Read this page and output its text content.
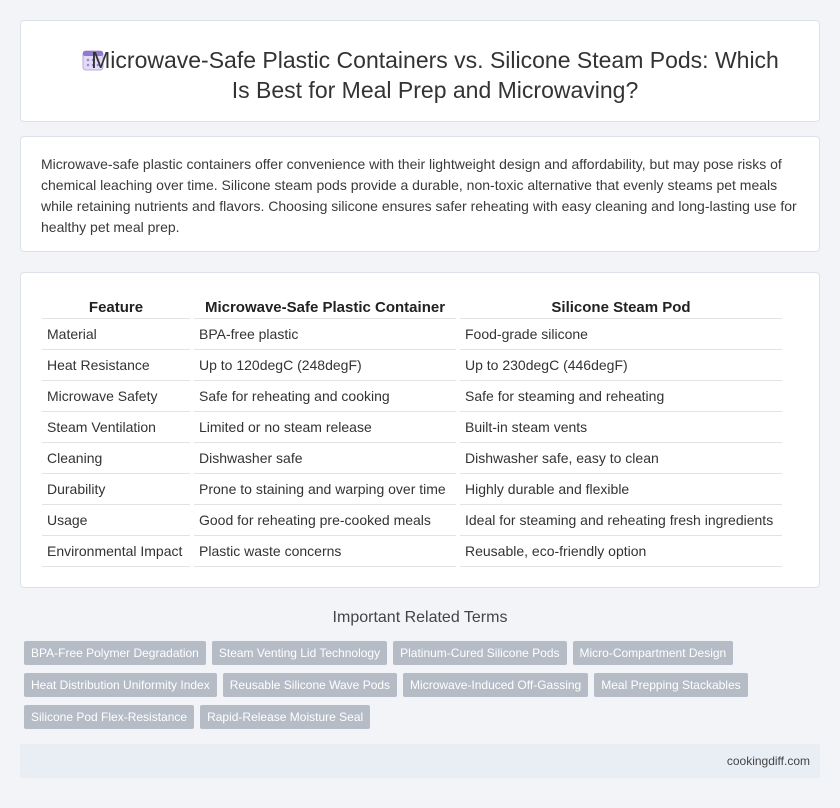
Microwave-Safe Plastic Containers vs. Silicone Steam Pods: Which Is Best for Meal Prep and Microwaving?

Microwave-safe plastic containers offer convenience with their lightweight design and affordability, but may pose risks of chemical leaching over time. Silicone steam pods provide a durable, non-toxic alternative that evenly steams pet meals while retaining nutrients and flavors. Choosing silicone ensures safer reheating with easy cleaning and long-lasting use for healthy pet meal prep.

Feature	Microwave-Safe Plastic Container	Silicone Steam Pod
Material	BPA-free plastic	Food-grade silicone
Heat Resistance	Up to 120degC (248degF)	Up to 230degC (446degF)
Microwave Safety	Safe for reheating and cooking	Safe for steaming and reheating
Steam Ventilation	Limited or no steam release	Built-in steam vents
Cleaning	Dishwasher safe	Dishwasher safe, easy to clean
Durability	Prone to staining and warping over time	Highly durable and flexible
Usage	Good for reheating pre-cooked meals	Ideal for steaming and reheating fresh ingredients
Environmental Impact	Plastic waste concerns	Reusable, eco-friendly option
Important Related Terms
BPA-Free Polymer Degradation Steam Venting Lid Technology Platinum-Cured Silicone Pods Micro-Compartment Design
Heat Distribution Uniformity Index Reusable Silicone Wave Pods Microwave-Induced Off-Gassing Meal Prepping Stackables
Silicone Pod Flex-Resistance Rapid-Release Moisture Seal
cookingdiff.com
